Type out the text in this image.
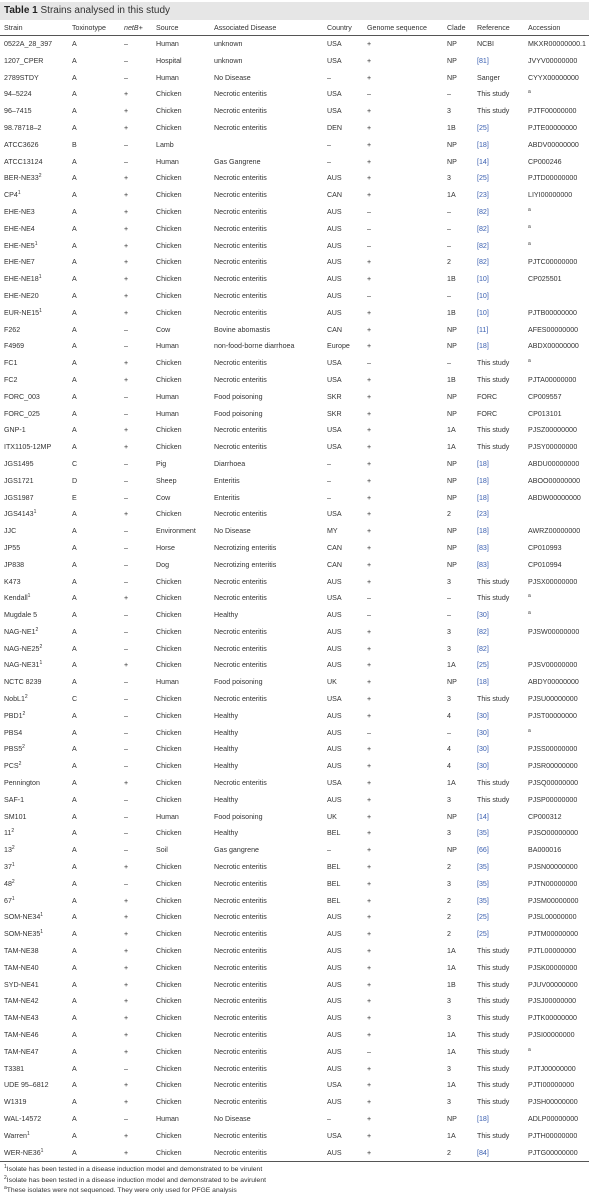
Table 1 Strains analysed in this study
Strain	Toxinotype	netB+	Source	Associated Disease	Country	Genome sequence	Clade	Reference	Accession
0522A_28_397	A	–	Human	unknown	USA	+	NP	NCBI	MKXR00000000.1
1207_CPER	A	–	Hospital	unknown	USA	+	NP	[81]	JVYV00000000
2789STDY	A	–	Human	No Disease	–	+	NP	Sanger	CYYX00000000
94–5224	A	+	Chicken	Necrotic enteritis	USA	–	–	This study	$^a$
96–7415	A	+	Chicken	Necrotic enteritis	USA	+	3	This study	PJTF00000000
98.78718–2	A	+	Chicken	Necrotic enteritis	DEN	+	1B	[25]	PJTE00000000
ATCC3626	B	–	Lamb		–	+	NP	[18]	ABDV00000000
ATCC13124	A	–	Human	Gas Gangrene	–	+	NP	[14]	CP000246
BER-$NE33^2$	A	+	Chicken	Necrotic enteritis	AUS	+	3	[25]	PJTD00000000
$CP4^1$	A	+	Chicken	Necrotic enteritis	CAN	+	1A	[23]	LIYI00000000
EHE-NE3	A	+	Chicken	Necrotic enteritis	AUS	–	–	[82]	$^a$
EHE-NE4	A	+	Chicken	Necrotic enteritis	AUS	–	–	[82]	$^a$
EHE-$NE5^1$	A	+	Chicken	Necrotic enteritis	AUS	–	–	[82]	$^a$
EHE-NE7	A	+	Chicken	Necrotic enteritis	AUS	+	2	[82]	PJTC00000000
EHE-$NE18^1$	A	+	Chicken	Necrotic enteritis	AUS	+	1B	[10]	CP025501
EHE-NE20	A	+	Chicken	Necrotic enteritis	AUS	–	–	[10]	
EUR-$NE15^1$	A	+	Chicken	Necrotic enteritis	AUS	+	1B	[10]	PJTB00000000
F262	A	–	Cow	Bovine abomastis	CAN	+	NP	[11]	AFES00000000
F4969	A	–	Human	non-food-borne diarrhoea	Europe	+	NP	[18]	ABDX00000000
FC1	A	+	Chicken	Necrotic enteritis	USA	–	–	This study	$^a$
FC2	A	+	Chicken	Necrotic enteritis	USA	+	1B	This study	PJTA00000000
FORC_003	A	–	Human	Food poisoning	SKR	+	NP	FORC	CP009557
FORC_025	A	–	Human	Food poisoning	SKR	+	NP	FORC	CP013101
GNP-1	A	+	Chicken	Necrotic enteritis	USA	+	1A	This study	PJSZ00000000
ITX1105-12MP	A	+	Chicken	Necrotic enteritis	USA	+	1A	This study	PJSY00000000
JGS1495	C	–	Pig	Diarrhoea	–	+	NP	[18]	ABDU00000000
JGS1721	D	–	Sheep	Enteritis	–	+	NP	[18]	ABOO00000000
JGS1987	E	–	Cow	Enteritis	–	+	NP	[18]	ABDW00000000
JGS4143$^1$	A	+	Chicken	Necrotic enteritis	USA	+	2	[23]	
JJC	A	–	Environment	No Disease	MY	+	NP	[18]	AWRZ00000000
JP55	A	–	Horse	Necrotizing enteritis	CAN	+	NP	[83]	CP010993
JP838	A	–	Dog	Necrotizing enteritis	CAN	+	NP	[83]	CP010994
K473	A	–	Chicken	Necrotic enteritis	AUS	+	3	This study	PJSX00000000
Kendall$^1$	A	+	Chicken	Necrotic enteritis	USA	–	–	This study	$^a$
Mugdale 5	A	–	Chicken	Healthy	AUS	–	–	[30]	$^a$
NAG-$NE1^2$	A	–	Chicken	Necrotic enteritis	AUS	+	3	[82]	PJSW00000000
NAG-$NE25^2$	A	–	Chicken	Necrotic enteritis	AUS	+	3	[82]	
NAG-$NE31^1$	A	+	Chicken	Necrotic enteritis	AUS	+	1A	[25]	PJSV00000000
NCTC 8239	A	–	Human	Food poisoning	UK	+	NP	[18]	ABDY00000000
$NobL1^2$	C	–	Chicken	Necrotic enteritis	USA	+	3	This study	PJSU00000000
$PBD1^2$	A	–	Chicken	Healthy	AUS	+	4	[30]	PJST00000000
PBS4	A	–	Chicken	Healthy	AUS	–	–	[30]	$^a$
$PBS5^2$	A	–	Chicken	Healthy	AUS	+	4	[30]	PJSS00000000
PCS$^2$	A	–	Chicken	Healthy	AUS	+	4	[30]	PJSR00000000
Pennington	A	+	Chicken	Necrotic enteritis	USA	+	1A	This study	PJSQ00000000
SAF-1	A	–	Chicken	Healthy	AUS	+	3	This study	PJSP00000000
SM101	A	–	Human	Food poisoning	UK	+	NP	[14]	CP000312
$11^2$	A	–	Chicken	Healthy	BEL	+	3	[35]	PJSO00000000
$13^2$	A	–	Soil	Gas gangrene	–	+	NP	[66]	BA000016
$37^1$	A	+	Chicken	Necrotic enteritis	BEL	+	2	[35]	PJSN00000000
$48^2$	A	–	Chicken	Necrotic enteritis	BEL	+	3	[35]	PJTN00000000
$67^1$	A	+	Chicken	Necrotic enteritis	BEL	+	2	[35]	PJSM00000000
SOM-$NE34^1$	A	+	Chicken	Necrotic enteritis	AUS	+	2	[25]	PJSL00000000
SOM-$NE35^1$	A	+	Chicken	Necrotic enteritis	AUS	+	2	[25]	PJTM00000000
TAM-NE38	A	+	Chicken	Necrotic enteritis	AUS	+	1A	This study	PJTL00000000
TAM-NE40	A	+	Chicken	Necrotic enteritis	AUS	+	1A	This study	PJSK00000000
SYD-NE41	A	+	Chicken	Necrotic enteritis	AUS	+	1B	This study	PJUV00000000
TAM-NE42	A	+	Chicken	Necrotic enteritis	AUS	+	3	This study	PJSJ00000000
TAM-NE43	A	+	Chicken	Necrotic enteritis	AUS	+	3	This study	PJTK00000000
TAM-NE46	A	+	Chicken	Necrotic enteritis	AUS	+	1A	This study	PJSI00000000
TAM-NE47	A	+	Chicken	Necrotic enteritis	AUS	–	1A	This study	$^a$
T3381	A	–	Chicken	Necrotic enteritis	AUS	+	3	This study	PJTJ00000000
UDE 95–6812	A	+	Chicken	Necrotic enteritis	USA	+	1A	This study	PJTI00000000
W1319	A	+	Chicken	Necrotic enteritis	AUS	+	3	This study	PJSH00000000
WAL-14572	A	–	Human	No Disease	–	+	NP	[18]	ADLP00000000
Warren$^1$	A	+	Chicken	Necrotic enteritis	USA	+	1A	This study	PJTH00000000
WER-$NE36^1$	A	+	Chicken	Necrotic enteritis	AUS	+	2	[84]	PJTG00000000
$^1$Isolate has been tested in a disease induction model and demonstrated to be virulent
$^2$Isolate has been tested in a disease induction model and demonstrated to be avirulent
$^a$These isolates were not sequenced. They were only used for PFGE analysis
